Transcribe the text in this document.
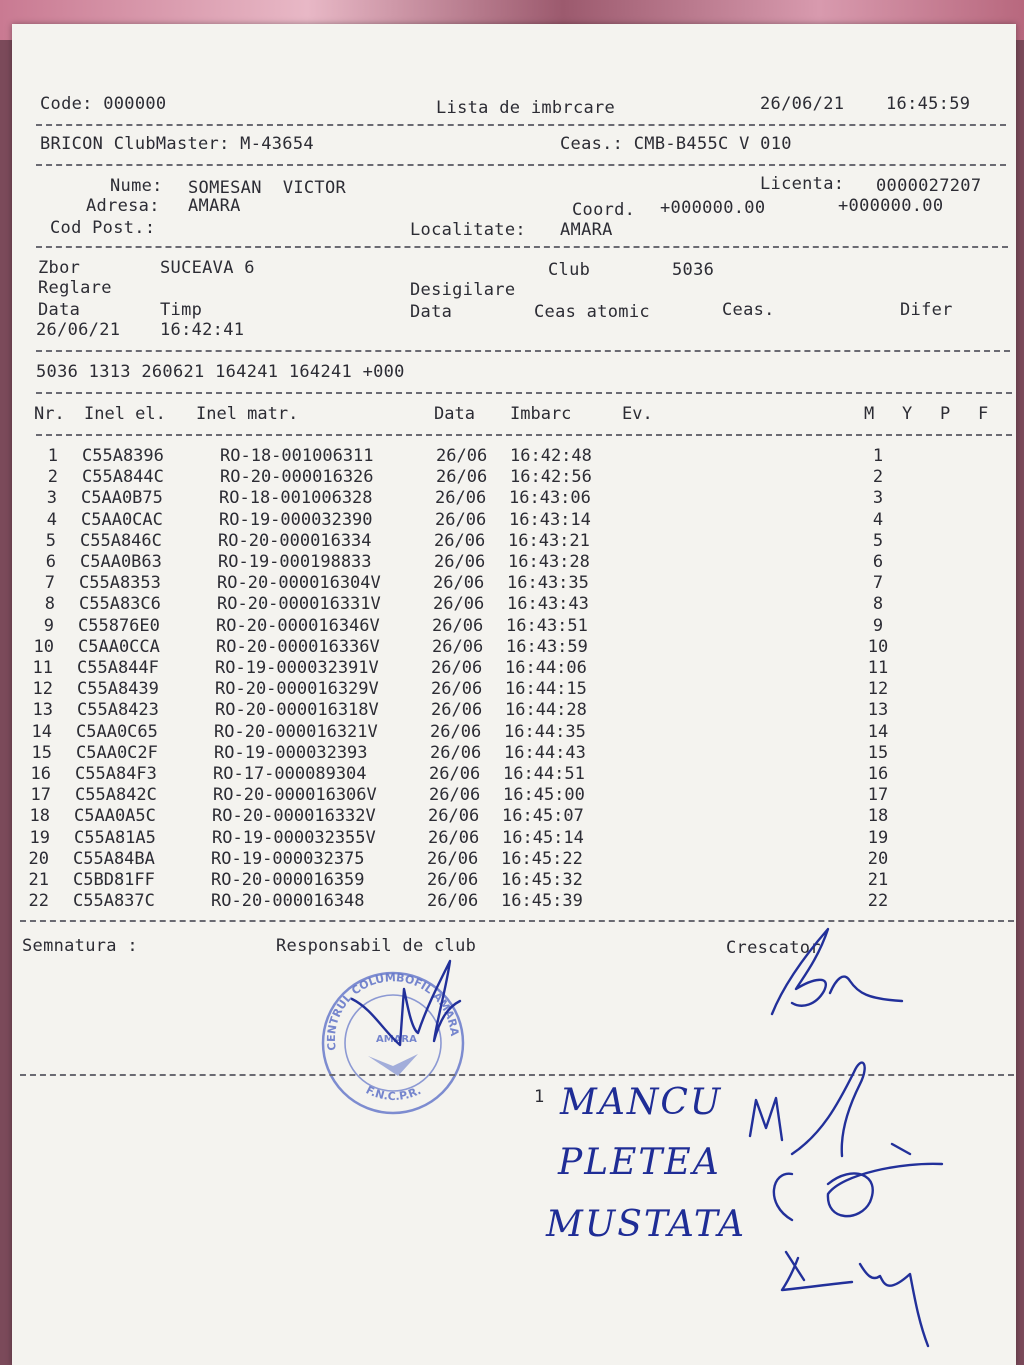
Code: 000000	Lista de imbrcare	26/06/21 16:45:59
BRICON ClubMaster: M-43654	Ceas.: CMB-B455C V 010
Nume: SOMESAN  VICTOR	Licenta: 0000027207
Adresa: AMARA	Coord. +000000.00	+000000.00
Cod Post.:	Localitate: AMARA
Zbor	SUCEAVA 6	Club	5036
Reglare	Desigilare
Data	Timp	Data	Ceas atomic	Ceas.	Difer
26/06/21 16:42:41
5036 1313 260621 164241 164241 +000
Nr. Inel el. Inel matr.	Data Imbarc	Ev.	M Y P F
1 C55A8396	RO-18-001006311	26/06 16:42:48	1
2 C55A844C	RO-20-000016326	26/06 16:42:56	2
3 C5AA0B75	RO-18-001006328	26/06 16:43:06	3
4 C5AA0CAC	RO-19-000032390	26/06 16:43:14	4
5 C55A846C	RO-20-000016334	26/06 16:43:21	5
6 C5AA0B63	RO-19-000198833	26/06 16:43:28	6
7 C55A8353	RO-20-000016304V	26/06 16:43:35	7
8 C55A83C6	RO-20-000016331V	26/06 16:43:43	8
9 C55876E0	RO-20-000016346V	26/06 16:43:51	9
10 C5AA0CCA	RO-20-000016336V	26/06 16:43:59	10
11 C55A844F	RO-19-000032391V	26/06 16:44:06	11
12 C55A8439	RO-20-000016329V	26/06 16:44:15	12
13 C55A8423	RO-20-000016318V	26/06 16:44:28	13
14 C5AA0C65	RO-20-000016321V	26/06 16:44:35	14
15 C5AA0C2F	RO-19-000032393	26/06 16:44:43	15
16 C55A84F3	RO-17-000089304	26/06 16:44:51	16
17 C55A842C	RO-20-000016306V	26/06 16:45:00	17
18 C5AA0A5C	RO-20-000016332V	26/06 16:45:07	18
19 C55A81A5	RO-19-000032355V	26/06 16:45:14	19
20 C55A84BA	RO-19-000032375	26/06 16:45:22	20
21 C5BD81FF	RO-20-000016359	26/06 16:45:32	21
22 C55A837C	RO-20-000016348	26/06 16:45:39	22
Semnatura :	Responsabil de club	Crescator
CENTRUL COLUMBOFIL AMARA
F.N.C.P.R.
AMARA
1 MANCU
PLETEA
MUSTATA
